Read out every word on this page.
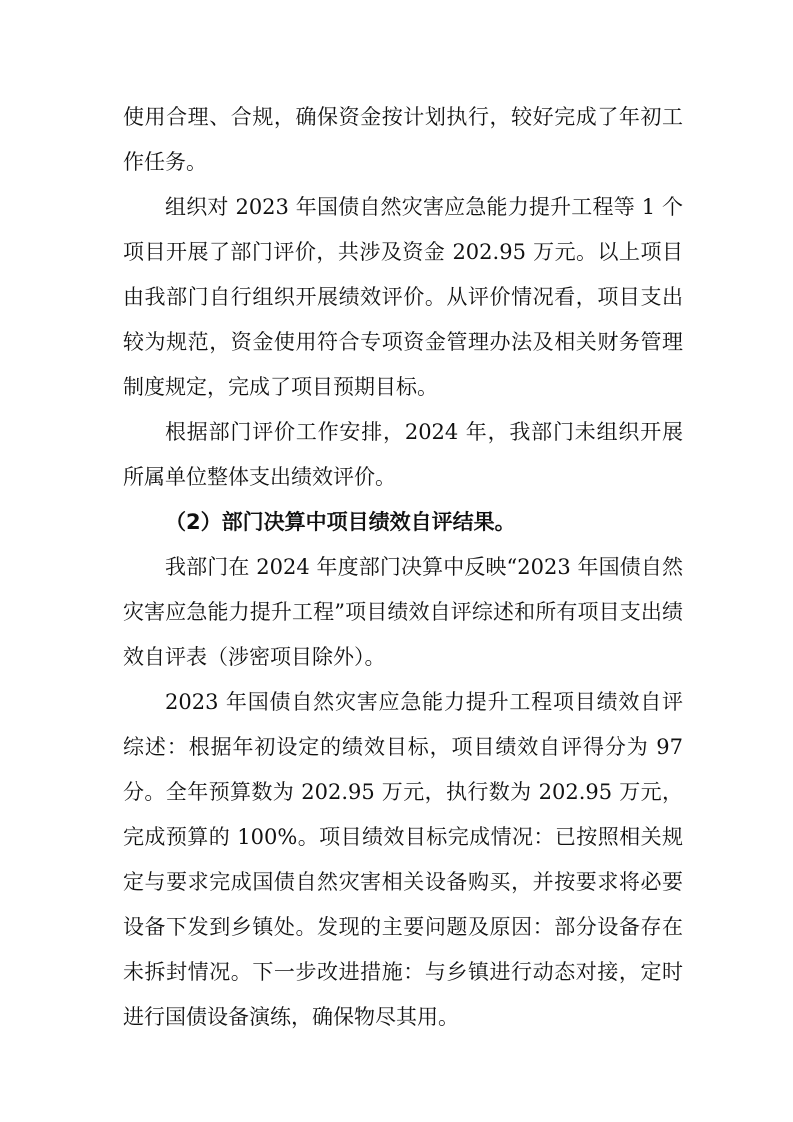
使用合理、合规，确保资金按计划执行，较好完成了年初工作任务。

组织对 2023 年国债自然灾害应急能力提升工程等 1 个项目开展了部门评价，共涉及资金 202.95 万元。以上项目由我部门自行组织开展绩效评价。从评价情况看，项目支出较为规范，资金使用符合专项资金管理办法及相关财务管理制度规定，完成了项目预期目标。

根据部门评价工作安排，2024 年，我部门未组织开展所属单位整体支出绩效评价。

（2）部门决算中项目绩效自评结果。

我部门在 2024 年度部门决算中反映“2023 年国债自然灾害应急能力提升工程”项目绩效自评综述和所有项目支出绩效自评表（涉密项目除外）。

2023 年国债自然灾害应急能力提升工程项目绩效自评综述：根据年初设定的绩效目标，项目绩效自评得分为 97 分。全年预算数为 202.95 万元，执行数为 202.95 万元，完成预算的 100%。项目绩效目标完成情况：已按照相关规定与要求完成国债自然灾害相关设备购买，并按要求将必要设备下发到乡镇处。发现的主要问题及原因：部分设备存在未拆封情况。下一步改进措施：与乡镇进行动态对接，定时进行国债设备演练，确保物尽其用。
